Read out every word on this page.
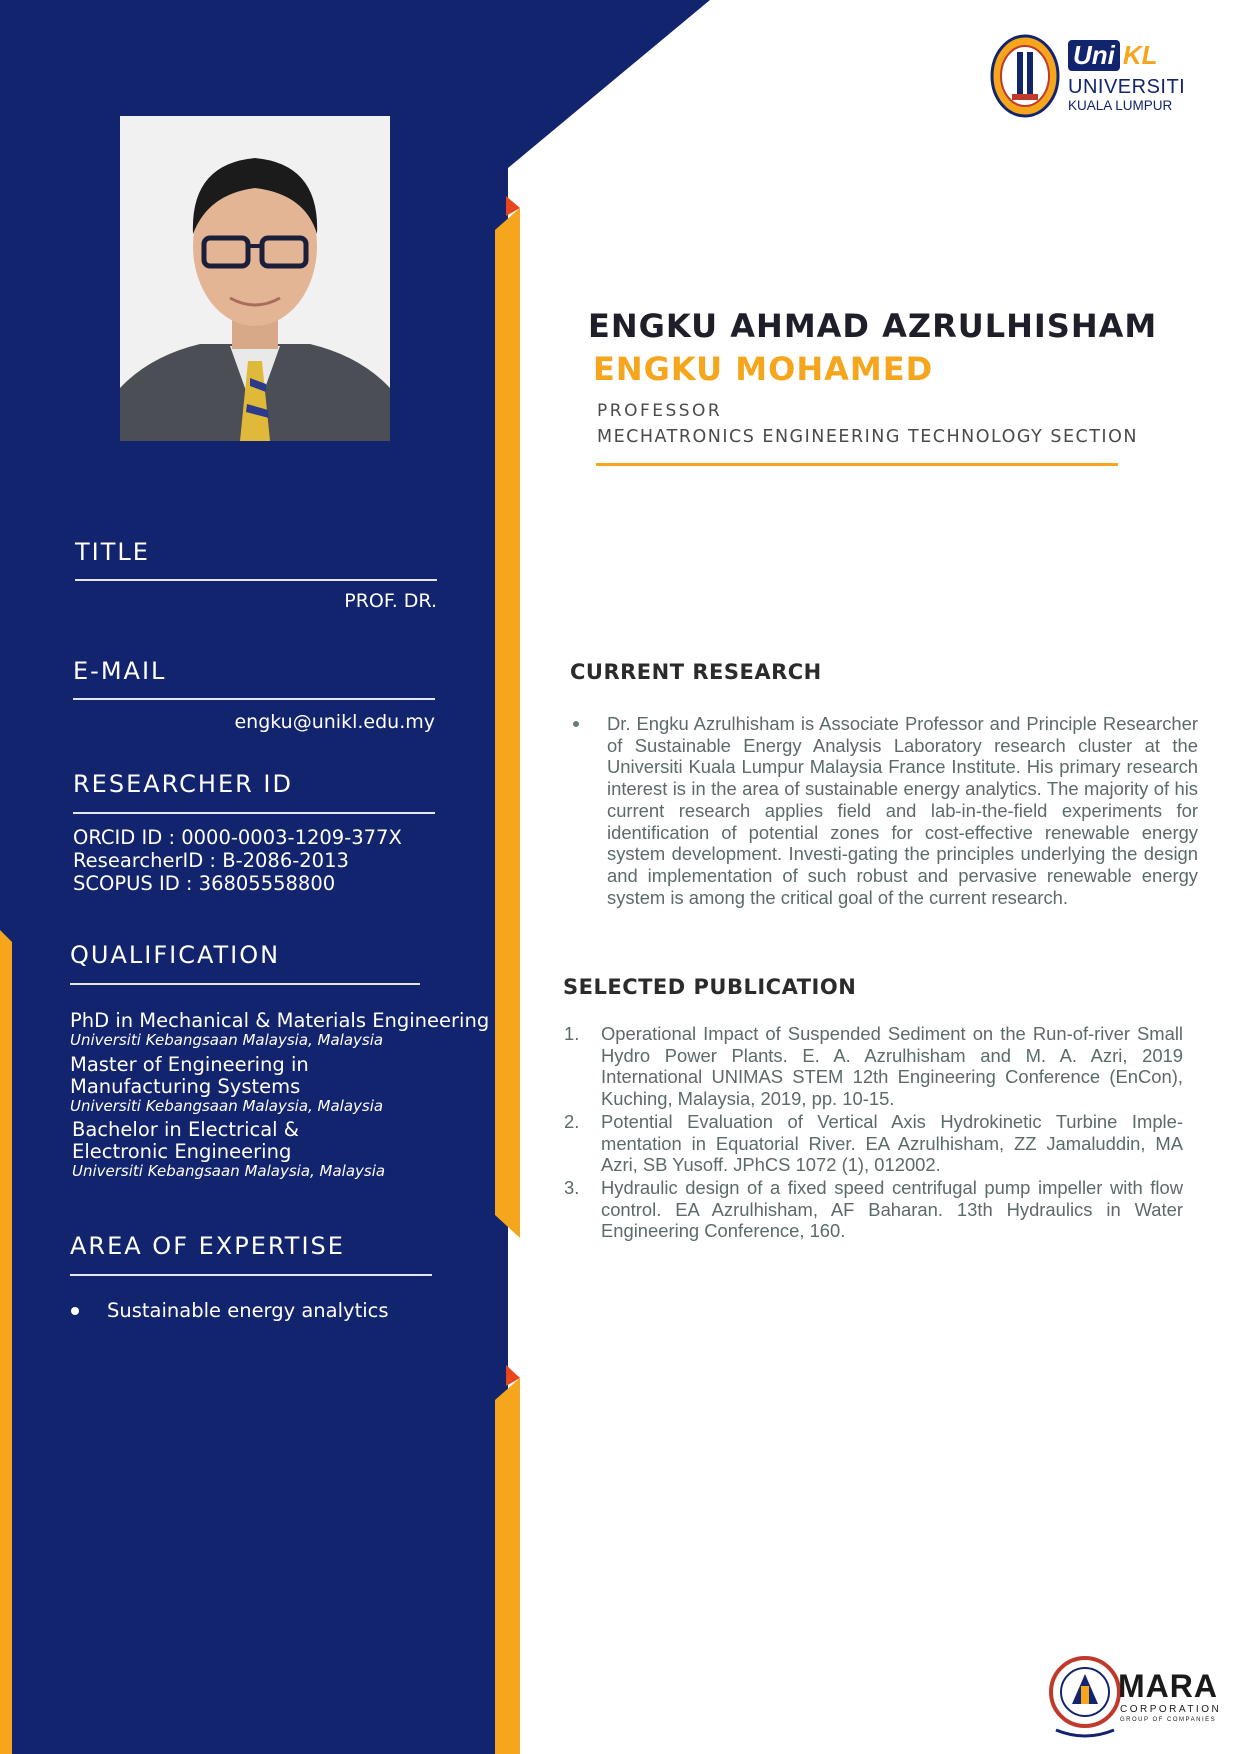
Uni KL
UNIVERSITI
KUALA LUMPUR
ENGKU AHMAD AZRULHISHAM
ENGKU MOHAMED
PROFESSOR
MECHATRONICS ENGINEERING TECHNOLOGY SECTION
TITLE
PROF. DR.
E-MAIL
engku@unikl.edu.my
RESEARCHER ID
ORCID ID : 0000-0003-1209-377X
ResearcherID : B-2086-2013
SCOPUS ID : 36805558800
QUALIFICATION
PhD in Mechanical & Materials Engineering
Universiti Kebangsaan Malaysia, Malaysia
Master of Engineering in
Manufacturing Systems
Universiti Kebangsaan Malaysia, Malaysia
Bachelor in Electrical &
Electronic Engineering
Universiti Kebangsaan Malaysia, Malaysia
AREA OF EXPERTISE
Sustainable energy analytics
CURRENT RESEARCH
Dr. Engku Azrulhisham is Associate Professor and Principle Researcher of Sustainable Energy Analysis Laboratory research cluster at the Universiti Kuala Lumpur Malaysia France Institute. His primary research interest is in the area of sustainable energy analytics. The majority of his current research applies field and lab-in-the-field experiments for identification of potential zones for cost-effective renewable energy system development. Investi-gating the principles underlying the design and implementation of such robust and pervasive renewable energy system is among the critical goal of the current research.
SELECTED PUBLICATION
1. Operational Impact of Suspended Sediment on the Run-of-river Small Hydro Power Plants. E. A. Azrulhisham and M. A. Azri, 2019 International UNIMAS STEM 12th Engineering Conference (EnCon), Kuching, Malaysia, 2019, pp. 10-15.
2. Potential Evaluation of Vertical Axis Hydrokinetic Turbine Imple-mentation in Equatorial River. EA Azrulhisham, ZZ Jamaluddin, MA Azri, SB Yusoff. JPhCS 1072 (1), 012002.
3. Hydraulic design of a fixed speed centrifugal pump impeller with flow control. EA Azrulhisham, AF Baharan. 13th Hydraulics in Water Engineering Conference, 160.
MARA
CORPORATION
GROUP OF COMPANIES
